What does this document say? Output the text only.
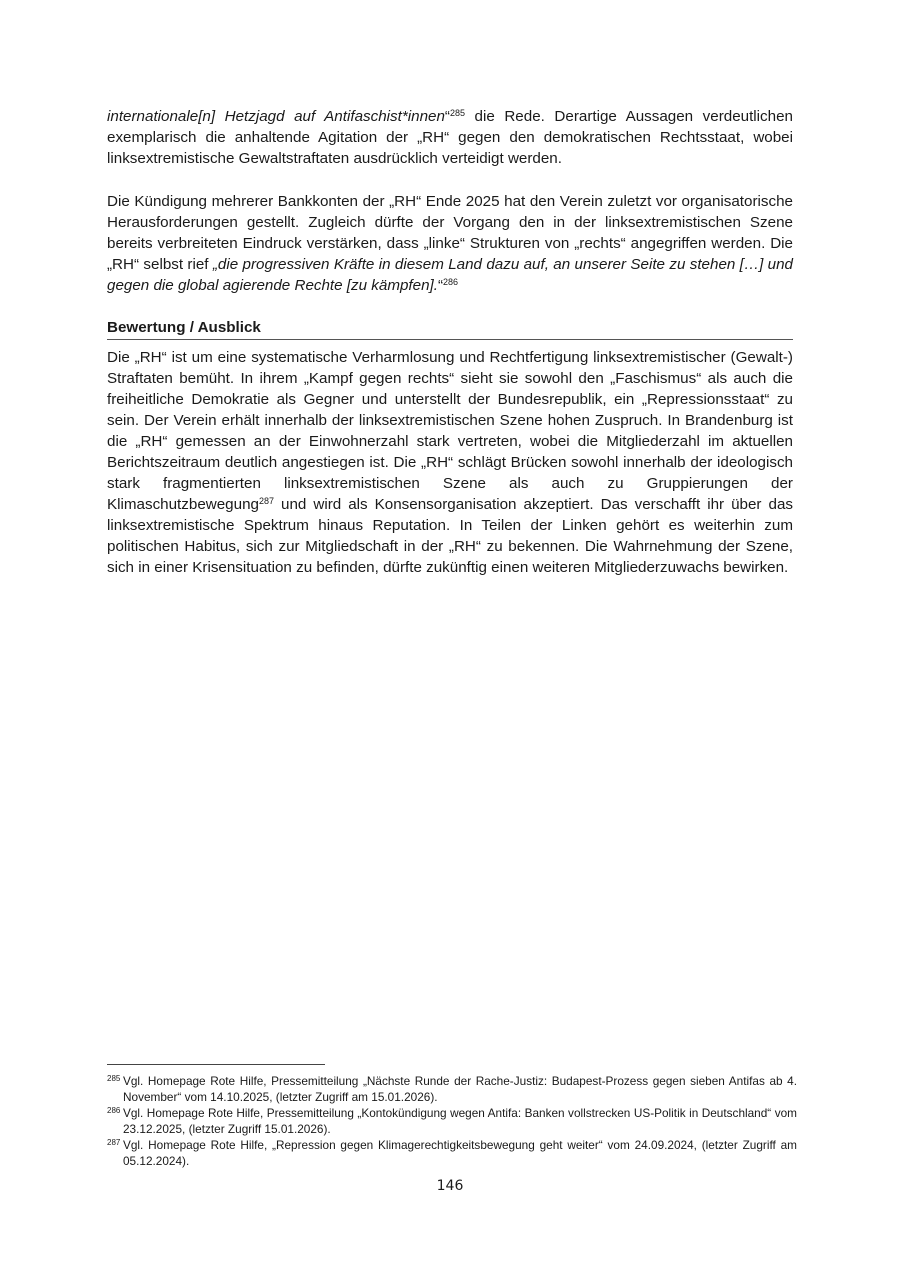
internationale[n] Hetzjagd auf Antifaschist*innen“$^{285}$ die Rede. Derartige Aussagen verdeutlichen exemplarisch die anhaltende Agitation der „RH“ gegen den demokratischen Rechtsstaat, wobei linksextremistische Gewaltstraftaten ausdrücklich verteidigt werden.

Die Kündigung mehrerer Bankkonten der „RH“ Ende 2025 hat den Verein zuletzt vor organisatorische Herausforderungen gestellt. Zugleich dürfte der Vorgang den in der linksextremistischen Szene bereits verbreiteten Eindruck verstärken, dass „linke“ Strukturen von „rechts“ angegriffen werden. Die „RH“ selbst rief „die progressiven Kräfte in diesem Land dazu auf, an unserer Seite zu stehen […] und gegen die global agierende Rechte [zu kämpfen].“$^{286}$

Bewertung / Ausblick

Die „RH“ ist um eine systematische Verharmlosung und Rechtfertigung linksextremistischer (Gewalt-) Straftaten bemüht. In ihrem „Kampf gegen rechts“ sieht sie sowohl den „Faschismus“ als auch die freiheitliche Demokratie als Gegner und unterstellt der Bundesrepublik, ein „Repressionsstaat“ zu sein. Der Verein erhält innerhalb der linksextremistischen Szene hohen Zuspruch. In Brandenburg ist die „RH“ gemessen an der Einwohnerzahl stark vertreten, wobei die Mitgliederzahl im aktuellen Berichtszeitraum deutlich angestiegen ist. Die „RH“ schlägt Brücken sowohl innerhalb der ideologisch stark fragmentierten linksextremistischen Szene als auch zu Gruppierungen der Klimaschutzbewegung$^{287}$ und wird als Konsensorganisation akzeptiert. Das verschafft ihr über das linksextremistische Spektrum hinaus Reputation. In Teilen der Linken gehört es weiterhin zum politischen Habitus, sich zur Mitgliedschaft in der „RH“ zu bekennen. Die Wahrnehmung der Szene, sich in einer Krisensituation zu befinden, dürfte zukünftig einen weiteren Mitgliederzuwachs bewirken.

285 Vgl. Homepage Rote Hilfe, Pressemitteilung „Nächste Runde der Rache-Justiz: Budapest-Prozess gegen sieben Antifas ab 4. November“ vom 14.10.2025, (letzter Zugriff am 15.01.2026).
286 Vgl. Homepage Rote Hilfe, Pressemitteilung „Kontokündigung wegen Antifa: Banken vollstrecken US-Politik in Deutschland“ vom 23.12.2025, (letzter Zugriff 15.01.2026).
287 Vgl. Homepage Rote Hilfe, „Repression gegen Klimagerechtigkeitsbewegung geht weiter“ vom 24.09.2024, (letzter Zugriff am 05.12.2024).
146
